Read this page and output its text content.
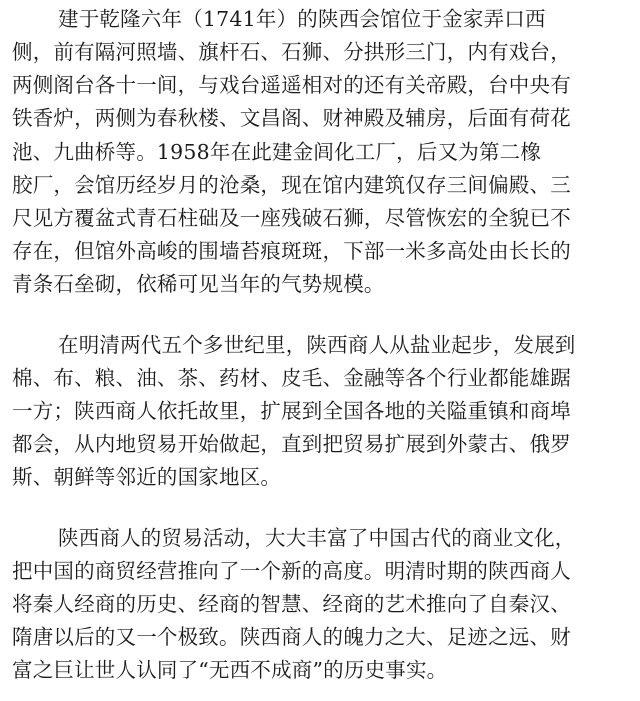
建于乾隆六年（1741年）的陕西会馆位于金家弄口西
侧，前有隔河照墙、旗杆石、石狮、分拱形三门，内有戏台，
两侧阁台各十一间，与戏台遥遥相对的还有关帝殿，台中央有
铁香炉，两侧为春秋楼、文昌阁、财神殿及辅房，后面有荷花
池、九曲桥等。1958年在此建金闾化工厂，后又为第二橡
胶厂，会馆历经岁月的沧桑，现在馆内建筑仅存三间偏殿、三
尺见方覆盆式青石柱础及一座残破石狮，尽管恢宏的全貌已不
存在，但馆外高峻的围墙苔痕斑斑，下部一米多高处由长长的
青条石垒砌，依稀可见当年的气势规模。
在明清两代五个多世纪里，陕西商人从盐业起步，发展到
棉、布、粮、油、茶、药材、皮毛、金融等各个行业都能雄踞
一方；陕西商人依托故里，扩展到全国各地的关隘重镇和商埠
都会，从内地贸易开始做起，直到把贸易扩展到外蒙古、俄罗
斯、朝鲜等邻近的国家地区。
陕西商人的贸易活动，大大丰富了中国古代的商业文化，
把中国的商贸经营推向了一个新的高度。明清时期的陕西商人
将秦人经商的历史、经商的智慧、经商的艺术推向了自秦汉、
隋唐以后的又一个极致。陕西商人的魄力之大、足迹之远、财
富之巨让世人认同了“无西不成商”的历史事实。
